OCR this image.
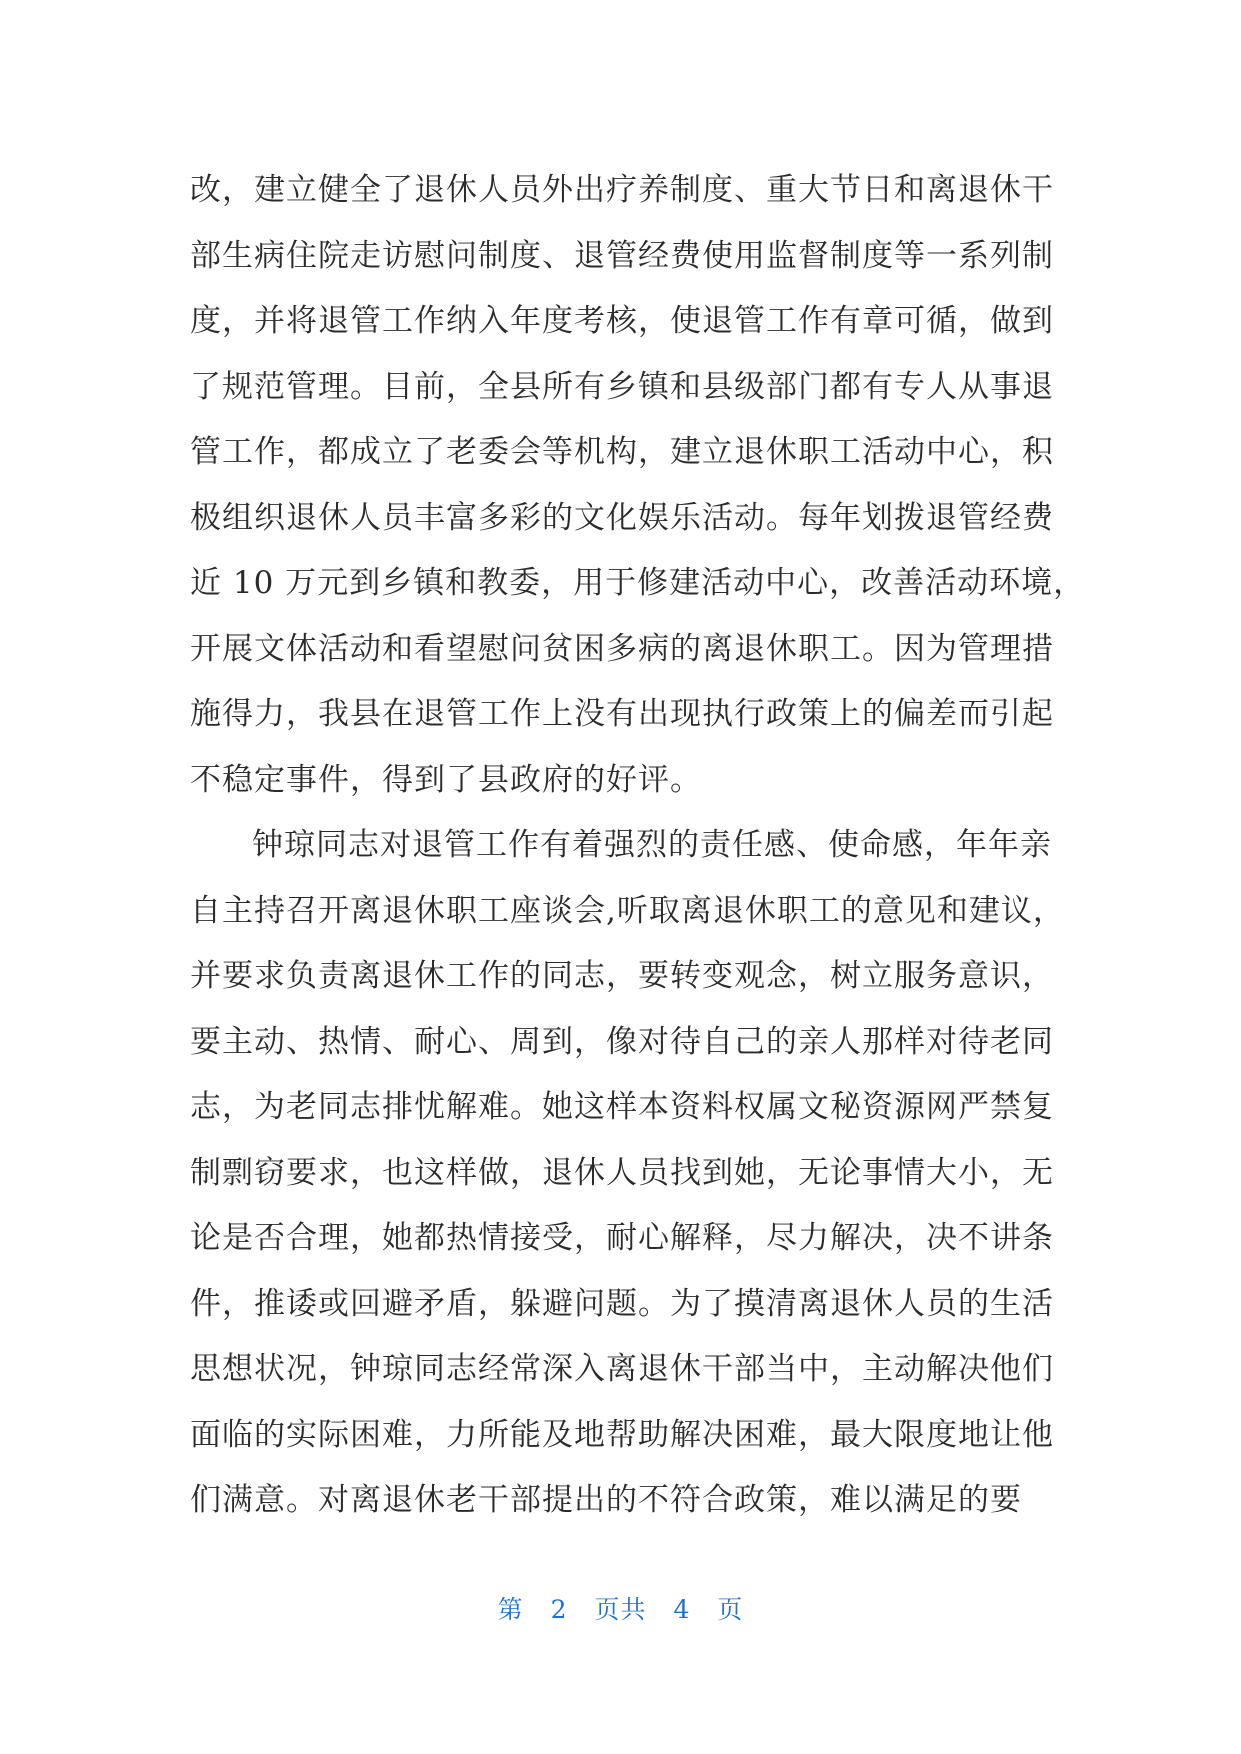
改，建立健全了退休人员外出疗养制度、重大节日和离退休干
部生病住院走访慰问制度、退管经费使用监督制度等一系列制
度，并将退管工作纳入年度考核，使退管工作有章可循，做到
了规范管理。目前，全县所有乡镇和县级部门都有专人从事退
管工作，都成立了老委会等机构，建立退休职工活动中心，积
极组织退休人员丰富多彩的文化娱乐活动。每年划拨退管经费
近 10 万元到乡镇和教委，用于修建活动中心，改善活动环境，
开展文体活动和看望慰问贫困多病的离退休职工。因为管理措
施得力，我县在退管工作上没有出现执行政策上的偏差而引起
不稳定事件，得到了县政府的好评。
钟琼同志对退管工作有着强烈的责任感、使命感，年年亲
自主持召开离退休职工座谈会,听取离退休职工的意见和建议，
并要求负责离退休工作的同志，要转变观念，树立服务意识，
要主动、热情、耐心、周到，像对待自己的亲人那样对待老同
志，为老同志排忧解难。她这样本资料权属文秘资源网严禁复
制剽窃要求，也这样做，退休人员找到她，无论事情大小，无
论是否合理，她都热情接受，耐心解释，尽力解决，决不讲条
件，推诿或回避矛盾，躲避问题。为了摸清离退休人员的生活
思想状况，钟琼同志经常深入离退休干部当中，主动解决他们
面临的实际困难，力所能及地帮助解决困难，最大限度地让他
们满意。对离退休老干部提出的不符合政策，难以满足的要
第 2 页共 4 页
